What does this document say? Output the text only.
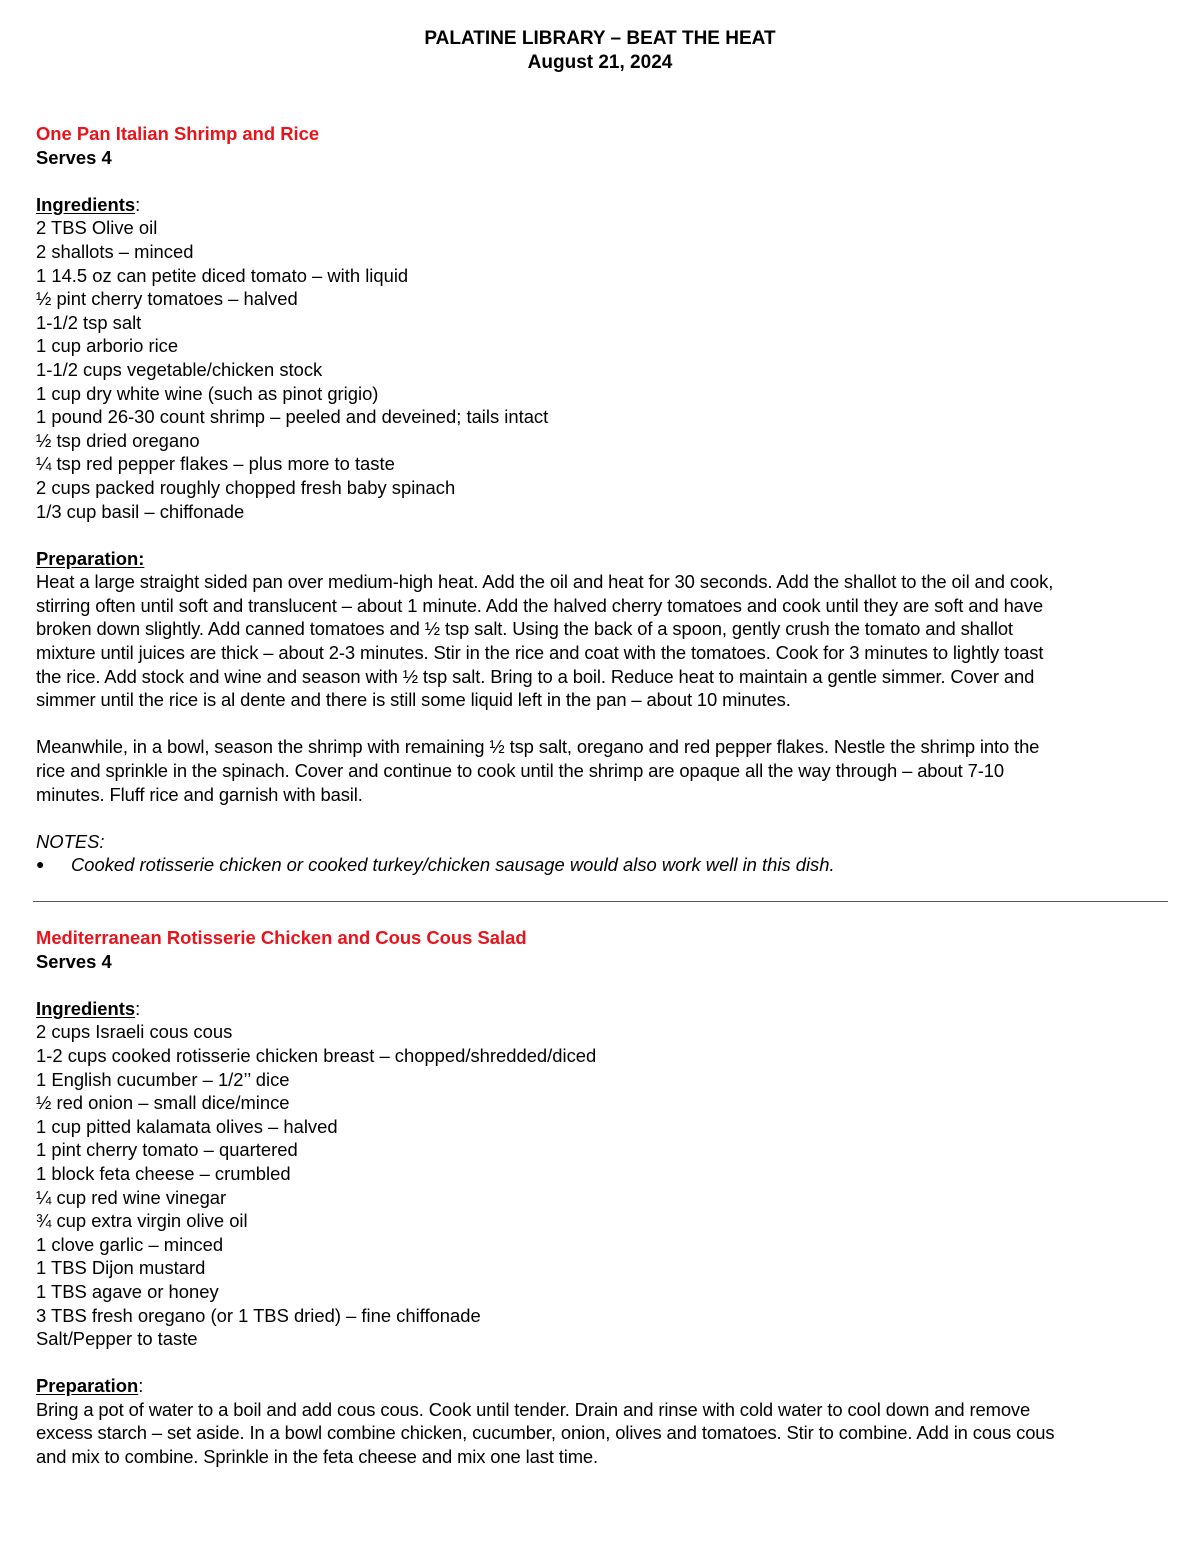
PALATINE LIBRARY – BEAT THE HEAT
August 21, 2024
One Pan Italian Shrimp and Rice
Serves 4
Ingredients:
2 TBS Olive oil
2 shallots – minced
1 14.5 oz can petite diced tomato – with liquid
½ pint cherry tomatoes – halved
1-1/2 tsp salt
1 cup arborio rice
1-1/2 cups vegetable/chicken stock
1 cup dry white wine (such as pinot grigio)
1 pound 26-30 count shrimp – peeled and deveined; tails intact
½ tsp dried oregano
¼ tsp red pepper flakes – plus more to taste
2 cups packed roughly chopped fresh baby spinach
1/3 cup basil – chiffonade
Preparation:
Heat a large straight sided pan over medium-high heat. Add the oil and heat for 30 seconds. Add the shallot to the oil and cook,
stirring often until soft and translucent – about 1 minute. Add the halved cherry tomatoes and cook until they are soft and have
broken down slightly. Add canned tomatoes and ½ tsp salt. Using the back of a spoon, gently crush the tomato and shallot
mixture until juices are thick – about 2-3 minutes. Stir in the rice and coat with the tomatoes. Cook for 3 minutes to lightly toast
the rice. Add stock and wine and season with ½ tsp salt. Bring to a boil. Reduce heat to maintain a gentle simmer. Cover and
simmer until the rice is al dente and there is still some liquid left in the pan – about 10 minutes.
Meanwhile, in a bowl, season the shrimp with remaining ½ tsp salt, oregano and red pepper flakes. Nestle the shrimp into the
rice and sprinkle in the spinach. Cover and continue to cook until the shrimp are opaque all the way through – about 7-10
minutes. Fluff rice and garnish with basil.
NOTES:
●	Cooked rotisserie chicken or cooked turkey/chicken sausage would also work well in this dish.
Mediterranean Rotisserie Chicken and Cous Cous Salad
Serves 4
Ingredients:
2 cups Israeli cous cous
1-2 cups cooked rotisserie chicken breast – chopped/shredded/diced
1 English cucumber – 1/2’’ dice
½ red onion – small dice/mince
1 cup pitted kalamata olives – halved
1 pint cherry tomato – quartered
1 block feta cheese – crumbled
¼ cup red wine vinegar
¾ cup extra virgin olive oil
1 clove garlic – minced
1 TBS Dijon mustard
1 TBS agave or honey
3 TBS fresh oregano (or 1 TBS dried) – fine chiffonade
Salt/Pepper to taste
Preparation:
Bring a pot of water to a boil and add cous cous. Cook until tender. Drain and rinse with cold water to cool down and remove
excess starch – set aside. In a bowl combine chicken, cucumber, onion, olives and tomatoes. Stir to combine. Add in cous cous
and mix to combine. Sprinkle in the feta cheese and mix one last time.
